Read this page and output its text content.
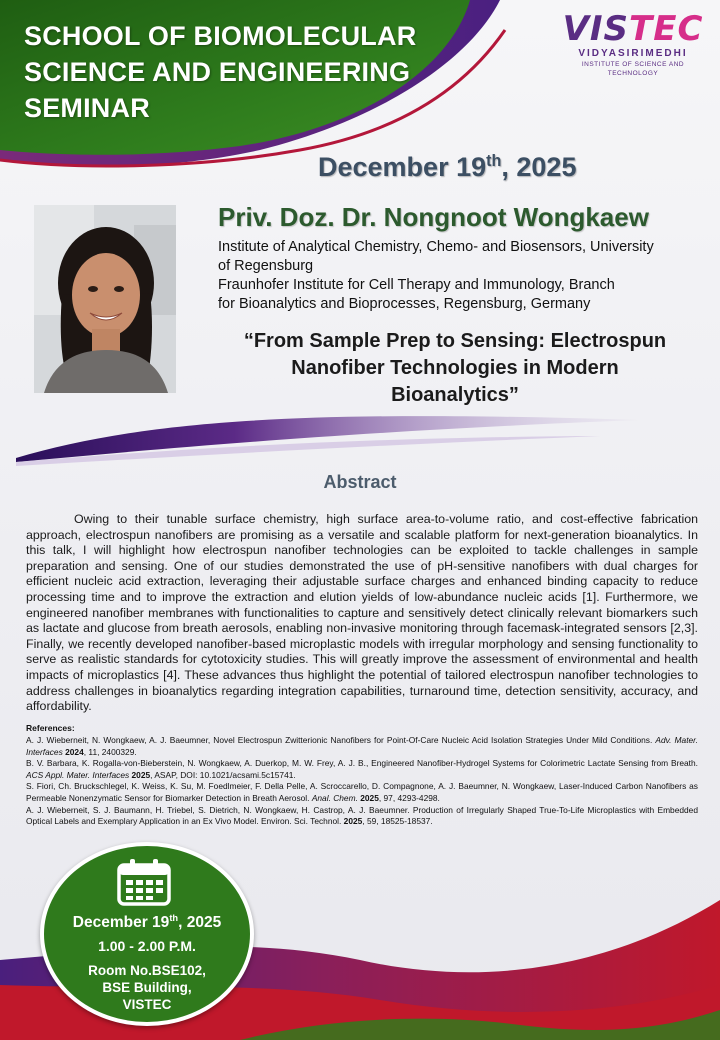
SCHOOL OF BIOMOLECULAR
SCIENCE AND ENGINEERING
SEMINAR
VISTEC
VIDYASIRIMEDHI
INSTITUTE OF SCIENCE AND TECHNOLOGY
December 19th, 2025
Priv. Doz. Dr. Nongnoot Wongkaew
Institute of Analytical Chemistry, Chemo- and Biosensors, University
of Regensburg
Fraunhofer Institute for Cell Therapy and Immunology, Branch
for Bioanalytics and Bioprocesses, Regensburg, Germany
“From Sample Prep to Sensing: Electrospun
Nanofiber Technologies in Modern
Bioanalytics”
Abstract
Owing to their tunable surface chemistry, high surface area-to-volume ratio, and cost-effective fabrication approach, electrospun nanofibers are promising as a versatile and scalable platform for next-generation bioanalytics. In this talk, I will highlight how electrospun nanofiber technologies can be exploited to tackle challenges in sample preparation and sensing. One of our studies demonstrated the use of pH-sensitive nanofibers with dual charges for efficient nucleic acid extraction, leveraging their adjustable surface charges and enhanced binding capacity to reduce processing time and to improve the extraction and elution yields of low-abundance nucleic acids [1]. Furthermore, we engineered nanofiber membranes with functionalities to capture and sensitively detect clinically relevant biomarkers such as lactate and glucose from breath aerosols, enabling non-invasive monitoring through facemask-integrated sensors [2,3]. Finally, we recently developed nanofiber-based microplastic models with irregular morphology and sensing functionality to serve as realistic standards for cytotoxicity studies. This will greatly improve the assessment of environmental and health impacts of microplastics [4]. These advances thus highlight the potential of tailored electrospun nanofiber technologies to address challenges in bioanalytics regarding integration capabilities, turnaround time, detection sensitivity, accuracy, and affordability.
References:

A. J. Wieberneit, N. Wongkaew, A. J. Baeumner, Novel Electrospun Zwitterionic Nanofibers for Point-Of-Care Nucleic Acid Isolation Strategies Under Mild Conditions. Adv. Mater. Interfaces 2024, 11, 2400329.

B. V. Barbara, K. Rogalla-von-Bieberstein, N. Wongkaew, A. Duerkop, M. W. Frey, A. J. B., Engineered Nanofiber-Hydrogel Systems for Colorimetric Lactate Sensing from Breath. ACS Appl. Mater. Interfaces 2025, ASAP, DOI: 10.1021/acsami.5c15741.

S. Fiori, Ch. Bruckschlegel, K. Weiss, K. Su, M. Foedlmeier, F. Della Pelle, A. Scroccarello, D. Compagnone, A. J. Baeumner, N. Wongkaew, Laser-Induced Carbon Nanofibers as Permeable Nonenzymatic Sensor for Biomarker Detection in Breath Aerosol. Anal. Chem. 2025, 97, 4293-4298.

A. J. Wieberneit, S. J. Baumann, H. Triebel, S. Dietrich, N. Wongkaew, H. Castrop, A. J. Baeumner. Production of Irregularly Shaped True-To-Life Microplastics with Embedded Optical Labels and Exemplary Application in an Ex Vivo Model. Environ. Sci. Technol. 2025, 59, 18525-18537.

December 19th, 2025
1.00 - 2.00 P.M.
Room No.BSE102,
BSE Building,
VISTEC
